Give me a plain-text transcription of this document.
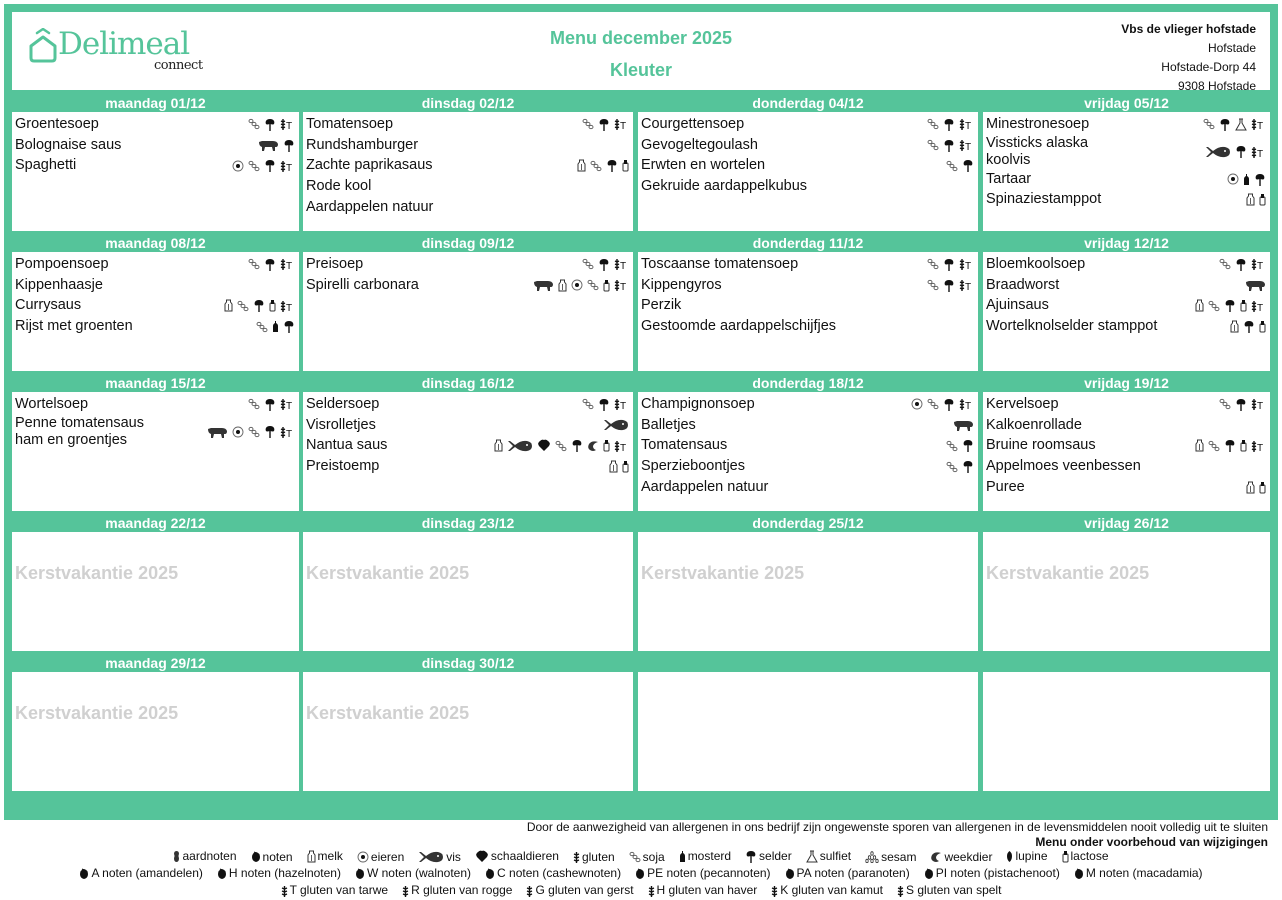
Delimeal
connect
Menu december 2025
Kleuter
Vbs de vlieger hofstade
Hofstade
Hofstade-Dorp 44
9308 Hofstade
maandag 01/12
Groentesoep	T
Bolognaise saus
Spaghetti	T
dinsdag 02/12
Tomatensoep	T
Rundshamburger
Zachte paprikasaus
Rode kool
Aardappelen natuur
donderdag 04/12
Courgettensoep	T
Gevogeltegoulash	T
Erwten en wortelen
Gekruide aardappelkubus
vrijdag 05/12
Minestronesoep	T
Vissticks alaska koolvis	T
Tartaar
Spinaziestamppot
maandag 08/12
Pompoensoep	T
Kippenhaasje
Currysaus	T
Rijst met groenten
dinsdag 09/12
Preisoep	T
Spirelli carbonara	T
donderdag 11/12
Toscaanse tomatensoep	T
Kippengyros	T
Perzik
Gestoomde aardappelschijfjes
vrijdag 12/12
Bloemkoolsoep	T
Braadworst
Ajuinsaus	T
Wortelknolselder stamppot
maandag 15/12
Wortelsoep	T
Penne tomatensaus ham en groentjes	T
dinsdag 16/12
Seldersoep	T
Visrolletjes
Nantua saus	T
Preistoemp
donderdag 18/12
Champignonsoep	T
Balletjes
Tomatensaus
Sperzieboontjes
Aardappelen natuur
vrijdag 19/12
Kervelsoep	T
Kalkoenrollade
Bruine roomsaus	T
Appelmoes veenbessen
Puree
maandag 22/12
Kerstvakantie 2025
dinsdag 23/12
Kerstvakantie 2025
donderdag 25/12
Kerstvakantie 2025
vrijdag 26/12
Kerstvakantie 2025
maandag 29/12
Kerstvakantie 2025
dinsdag 30/12
Kerstvakantie 2025
Door de aanwezigheid van allergenen in ons bedrijf zijn ongewenste sporen van allergenen in de levensmiddelen nooit volledig uit te sluiten
Menu onder voorbehoud van wijzigingen
aardnoten noten melk eieren	vis	schaaldieren gluten soja mosterd selder sulfiet	sesam weekdier lupine lactose
A noten (amandelen) H noten (hazelnoten) W noten (walnoten) C noten (cashewnoten) PE noten (pecannoten) PA noten (paranoten) PI noten (pistachenoot) M noten (macadamia)
T gluten van tarwe R gluten van rogge G gluten van gerst H gluten van haver K gluten van kamut S gluten van spelt
